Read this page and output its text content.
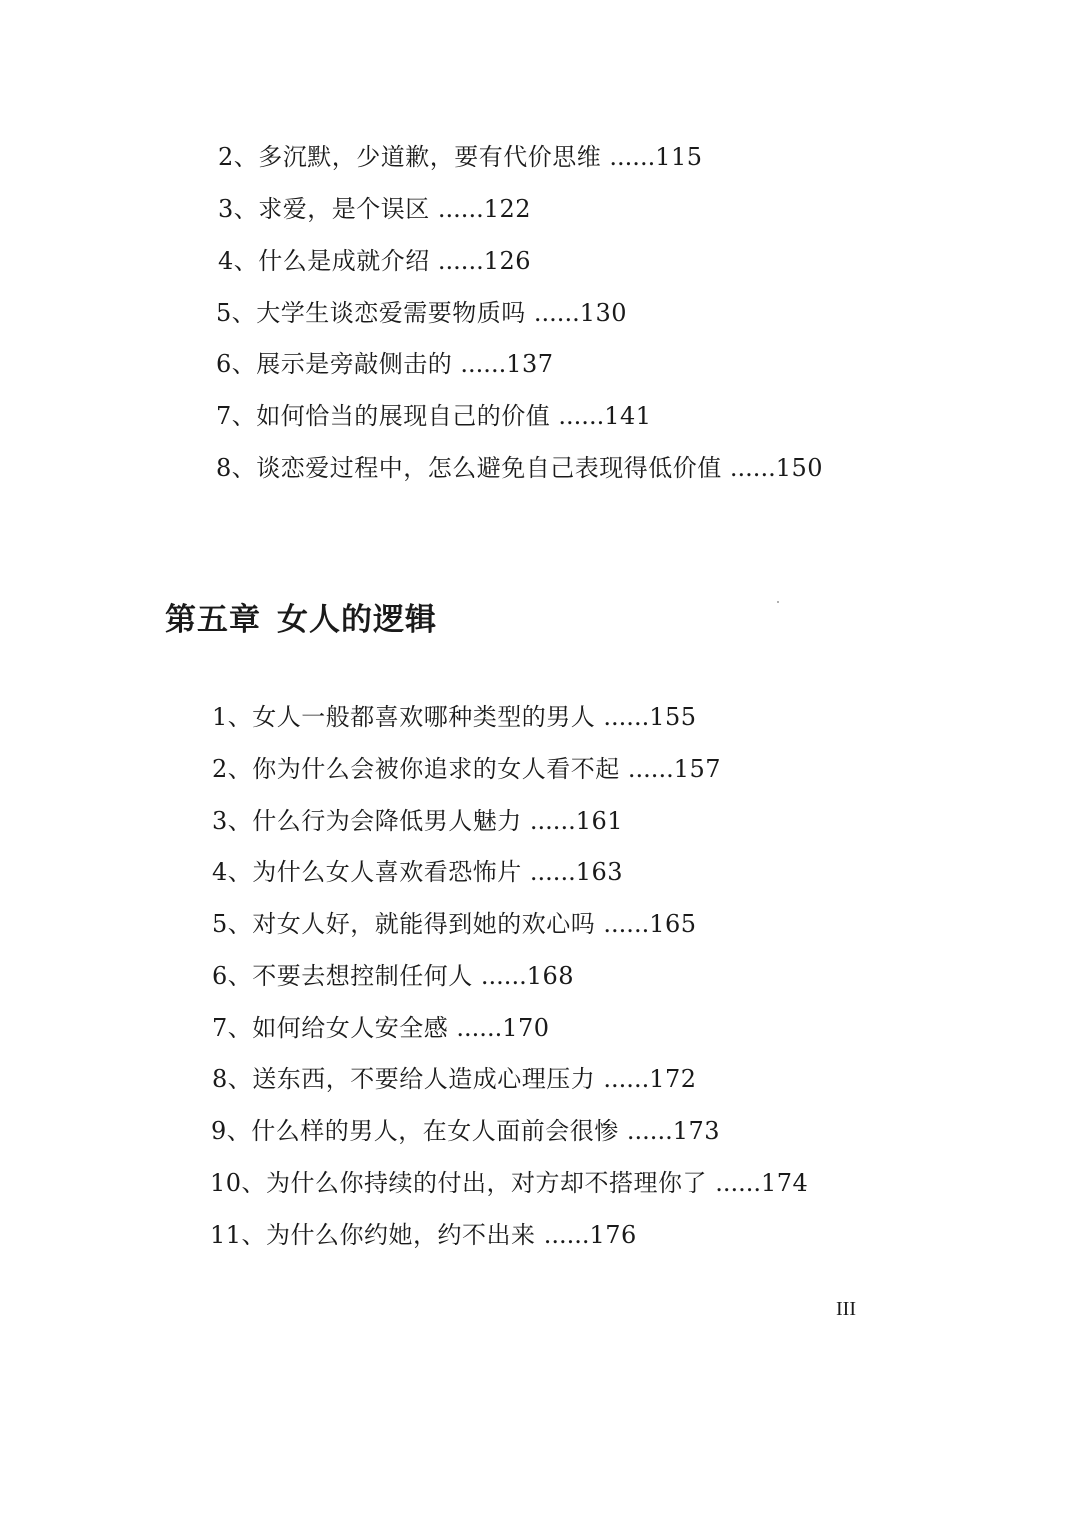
2、多沉默，少道歉，要有代价思维 ......115
3、求爱，是个误区 ......122
4、什么是成就介绍 ......126
5、大学生谈恋爱需要物质吗 ......130
6、展示是旁敲侧击的 ......137
7、如何恰当的展现自己的价值 ......141
8、谈恋爱过程中，怎么避免自己表现得低价值 ......150
第五章 女人的逻辑
1、女人一般都喜欢哪种类型的男人 ......155
2、你为什么会被你追求的女人看不起 ......157
3、什么行为会降低男人魅力 ......161
4、为什么女人喜欢看恐怖片 ......163
5、对女人好，就能得到她的欢心吗 ......165
6、不要去想控制任何人 ......168
7、如何给女人安全感 ......170
8、送东西，不要给人造成心理压力 ......172
9、什么样的男人，在女人面前会很惨 ......173
10、为什么你持续的付出，对方却不搭理你了 ......174
11、为什么你约她，约不出来 ......176
III
